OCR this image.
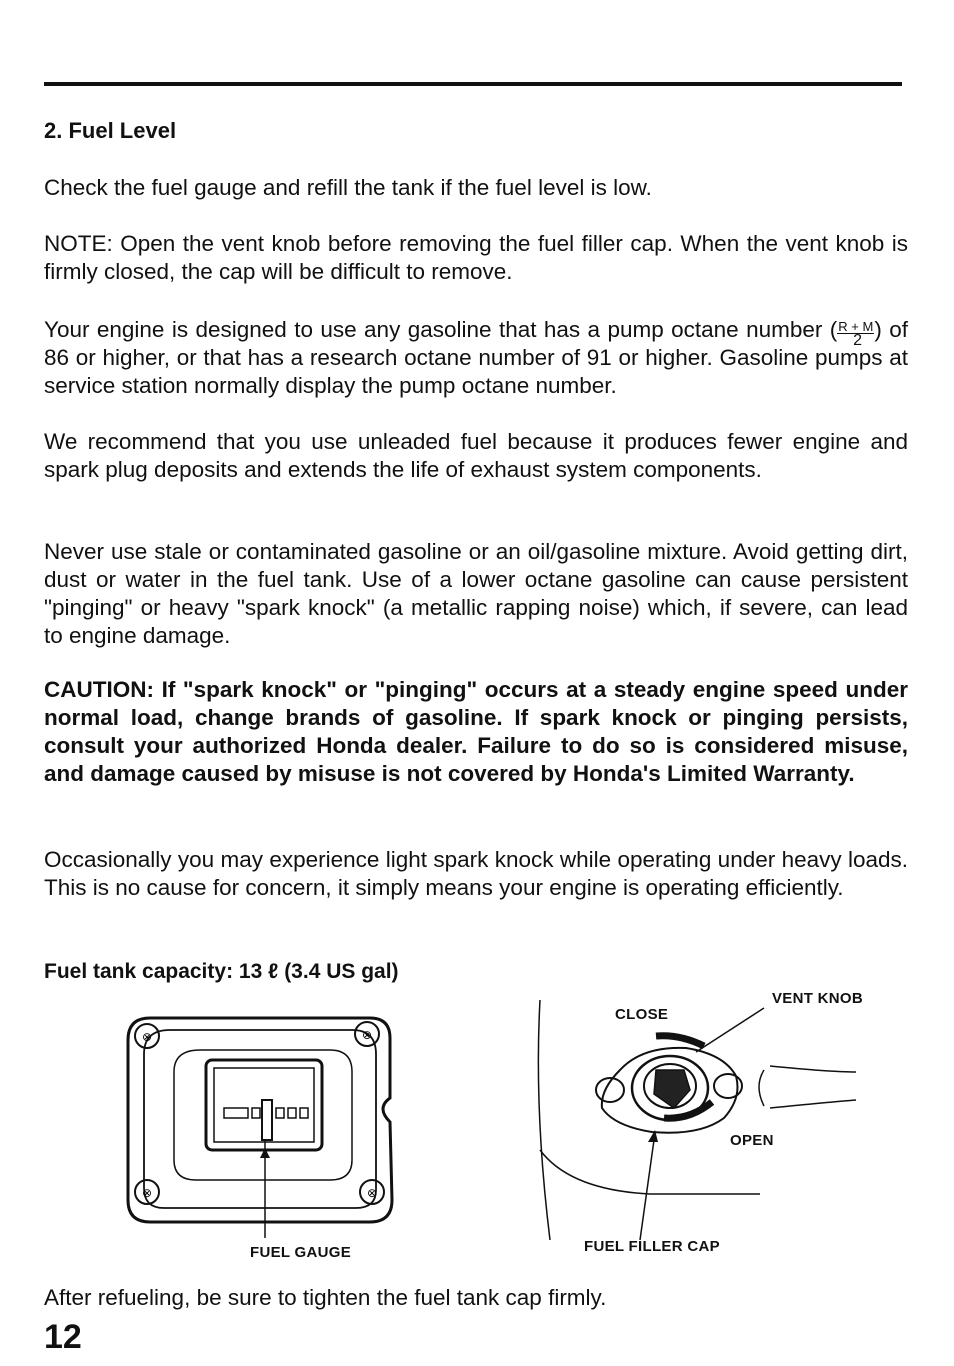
2. Fuel Level
Check the fuel gauge and refill the tank if the fuel level is low.
NOTE: Open the vent knob before removing the fuel filler cap. When the vent knob is firmly closed, the cap will be difficult to remove.
Your engine is designed to use any gasoline that has a pump octane number (R + M
2 ) of 86 or higher, or that has a research octane number of 91 or higher. Gasoline pumps at service station normally display the pump octane number.
We recommend that you use unleaded fuel because it produces fewer engine and spark plug deposits and extends the life of exhaust system components.
Never use stale or contaminated gasoline or an oil/gasoline mixture. Avoid getting dirt, dust or water in the fuel tank. Use of a lower octane gasoline can cause persistent "pinging" or heavy "spark knock" (a metallic rapping noise) which, if severe, can lead to engine damage.
CAUTION: If "spark knock" or "pinging" occurs at a steady engine speed under normal load, change brands of gasoline. If spark knock or pinging persists, consult your authorized Honda dealer. Failure to do so is considered misuse, and damage caused by misuse is not covered by Honda's Limited Warranty.
Occasionally you may experience light spark knock while operating under heavy loads. This is no cause for concern, it simply means your engine is operating efficiently.
Fuel tank capacity: 13 ℓ (3.4 US gal)
⊗	⊗
⊗	⊗
FUEL GAUGE
CLOSE
VENT KNOB
OPEN
FUEL FILLER CAP
After refueling, be sure to tighten the fuel tank cap firmly.
12
